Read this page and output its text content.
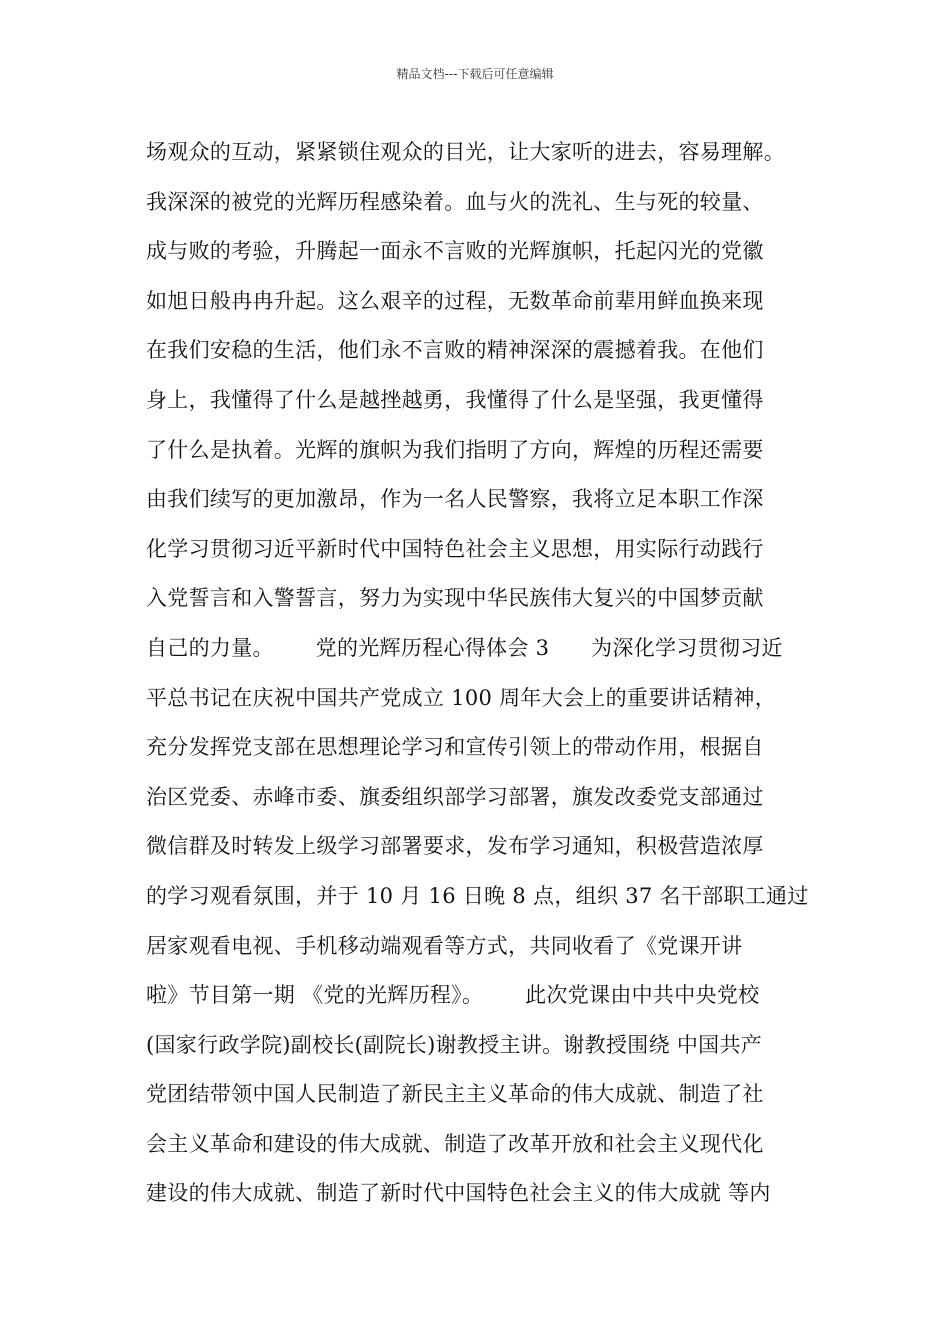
精品文档---下载后可任意编辑
场观众的互动，紧紧锁住观众的目光，让大家听的进去，容易理解。
我深深的被党的光辉历程感染着。血与火的洗礼、生与死的较量、
成与败的考验，升腾起一面永不言败的光辉旗帜，托起闪光的党徽
如旭日般冉冉升起。这么艰辛的过程，无数革命前辈用鲜血换来现
在我们安稳的生活，他们永不言败的精神深深的震撼着我。在他们
身上，我懂得了什么是越挫越勇，我懂得了什么是坚强，我更懂得
了什么是执着。光辉的旗帜为我们指明了方向，辉煌的历程还需要
由我们续写的更加激昂，作为一名人民警察，我将立足本职工作深
化学习贯彻习近平新时代中国特色社会主义思想，用实际行动践行
入党誓言和入警誓言，努力为实现中华民族伟大复兴的中国梦贡献
自己的力量。      党的光辉历程心得体会 3      为深化学习贯彻习近
平总书记在庆祝中国共产党成立 100 周年大会上的重要讲话精神，
充分发挥党支部在思想理论学习和宣传引领上的带动作用，根据自
治区党委、赤峰市委、旗委组织部学习部署，旗发改委党支部通过
微信群及时转发上级学习部署要求，发布学习通知，积极营造浓厚
的学习观看氛围，并于 10 月 16 日晚 8 点，组织 37 名干部职工通过
居家观看电视、手机移动端观看等方式，共同收看了《党课开讲
啦》节目第一期 《党的光辉历程》。      此次党课由中共中央党校
(国家行政学院)副校长(副院长)谢教授主讲。谢教授围绕 中国共产
党团结带领中国人民制造了新民主主义革命的伟大成就、制造了社
会主义革命和建设的伟大成就、制造了改革开放和社会主义现代化
建设的伟大成就、制造了新时代中国特色社会主义的伟大成就 等内
